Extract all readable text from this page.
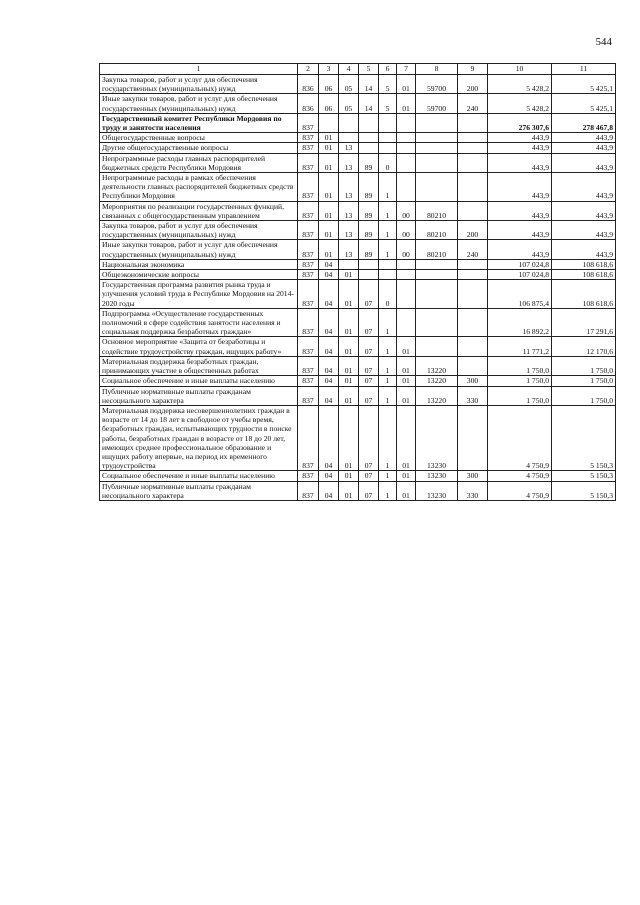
544
1	2	3	4	5	6	7	8	9	10	11
Закупка товаров, работ и услуг для обеспечения государственных (муниципальных) нужд	836	06	05	14	5	01	59700	200	5 428,2	5 425,1
Иные закупки товаров, работ и услуг для обеспечения государственных (муниципальных) нужд	836	06	05	14	5	01	59700	240	5 428,2	5 425,1
Государственный комитет Республики Мордовия по труду и занятости населения	837								276 307,6	278 467,8
Общегосударственные вопросы	837	01							443,9	443,9
Другие общегосударственные вопросы	837	01	13						443,9	443,9
Непрограммные расходы главных распорядителей бюджетных средств Республики Мордовия	837	01	13	89	0				443,9	443,9
Непрограммные расходы в рамках обеспечения деятельности главных распорядителей бюджетных средств Республики Мордовия	837	01	13	89	1				443,9	443,9
Мероприятия по реализации государственных функций, связанных с общегосударственным управлением	837	01	13	89	1	00	80210		443,9	443,9
Закупка товаров, работ и услуг для обеспечения государственных (муниципальных) нужд	837	01	13	89	1	00	80210	200	443,9	443,9
Иные закупки товаров, работ и услуг для обеспечения государственных (муниципальных) нужд	837	01	13	89	1	00	80210	240	443,9	443,9
Национальная экономика	837	04							107 024,8	108 618,6
Общеэкономические вопросы	837	04	01						107 024,8	108 618,6
Государственная программа развития рынка труда и улучшения условий труда в Республике Мордовия на 2014-2020 годы	837	04	01	07	0				106 875,4	108 618,6
Подпрограмма «Осуществление государственных полномочий в сфере содействия занятости населения и социальная поддержка безработных граждан»	837	04	01	07	1				16 892,2	17 291,6
Основное мероприятие «Защита от безработицы и содействие трудоустройству граждан, ищущих работу»	837	04	01	07	1	01			11 771,2	12 170,6
Материальная поддержка безработных граждан, принимающих участие в общественных работах	837	04	01	07	1	01	13220		1 750,0	1 750,0
Социальное обеспечение и иные выплаты населению	837	04	01	07	1	01	13220	300	1 750,0	1 750,0
Публичные нормативные выплаты гражданам несоциального характера	837	04	01	07	1	01	13220	330	1 750,0	1 750,0
Материальная поддержка несовершеннолетних граждан в возрасте от 14 до 18 лет в свободное от учебы время, безработных граждан, испытывающих трудности в поиске работы, безработных граждан в возрасте от 18 до 20 лет, имеющих среднее профессиональное образование и ищущих работу впервые, на период их временного трудоустройства	837	04	01	07	1	01	13230		4 750,9	5 150,3
Социальное обеспечение и иные выплаты населению	837	04	01	07	1	01	13230	300	4 750,9	5 150,3
Публичные нормативные выплаты гражданам несоциального характера	837	04	01	07	1	01	13230	330	4 750,9	5 150,3
